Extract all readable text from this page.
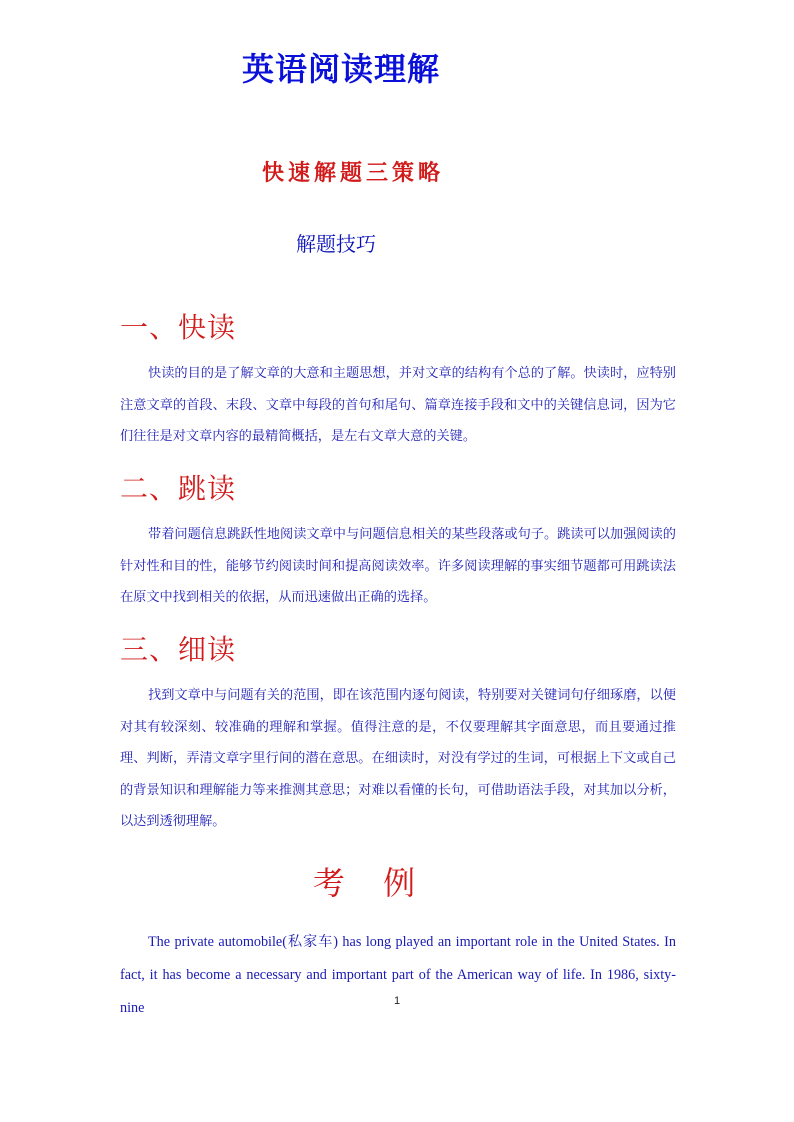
英语阅读理解
快速解题三策略
解题技巧
一、快读

快读的目的是了解文章的大意和主题思想，并对文章的结构有个总的了解。快读时，应特别注意文章的首段、末段、文章中每段的首句和尾句、篇章连接手段和文中的关键信息词，因为它们往往是对文章内容的最精简概括，是左右文章大意的关键。

二、跳读

带着问题信息跳跃性地阅读文章中与问题信息相关的某些段落或句子。跳读可以加强阅读的针对性和目的性，能够节约阅读时间和提高阅读效率。许多阅读理解的事实细节题都可用跳读法在原文中找到相关的依据，从而迅速做出正确的选择。

三、细读

找到文章中与问题有关的范围，即在该范围内逐句阅读，特别要对关键词句仔细琢磨，以便对其有较深刻、较准确的理解和掌握。值得注意的是，不仅要理解其字面意思，而且要通过推理、判断，弄清文章字里行间的潜在意思。在细读时，对没有学过的生词，可根据上下文或自己的背景知识和理解能力等来推测其意思；对难以看懂的长句，可借助语法手段，对其加以分析，以达到透彻理解。

考 例

The private automobile(私家车) has long played an important role in the United States. In fact, it has become a necessary and important part of the American way of life. In 1986, sixty-nine	1
